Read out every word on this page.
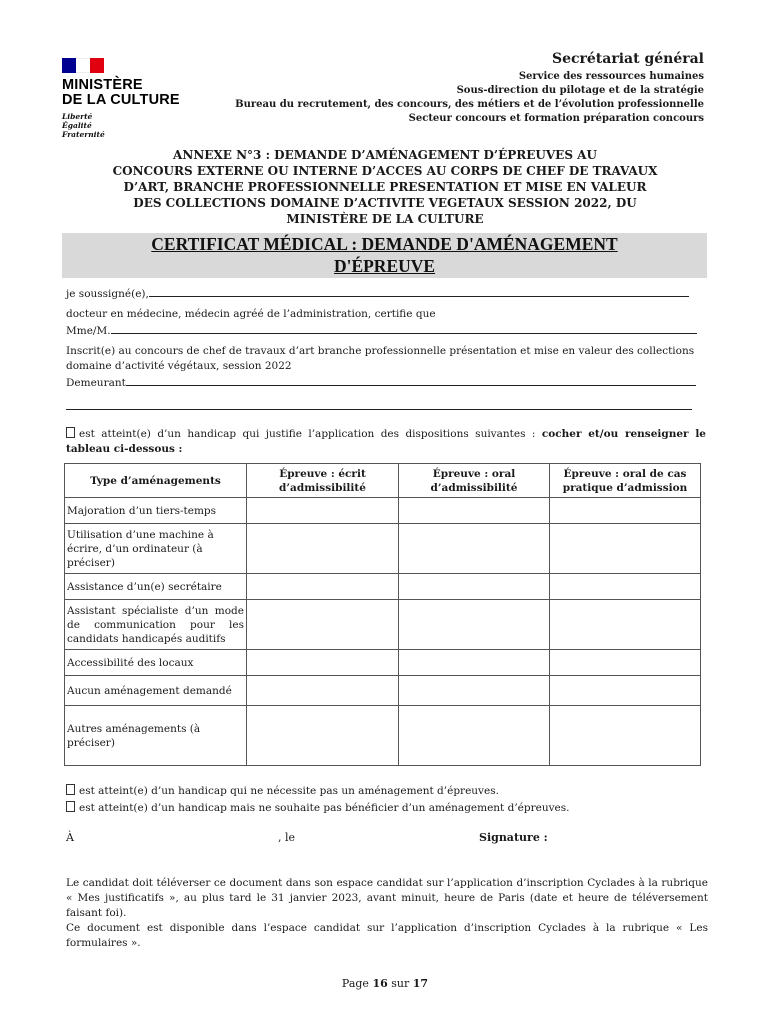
MINISTÈRE
DE LA CULTURE
Liberté
Égalité
Fraternité
Secrétariat général
Service des ressources humaines
Sous-direction du pilotage et de la stratégie
Bureau du recrutement, des concours, des métiers et de l’évolution professionnelle
Secteur concours et formation préparation concours
ANNEXE N°3 : DEMANDE D’AMÉNAGEMENT D’ÉPREUVES AU
CONCOURS EXTERNE OU INTERNE D’ACCES AU CORPS DE CHEF DE TRAVAUX
D’ART, BRANCHE PROFESSIONNELLE PRESENTATION ET MISE EN VALEUR
DES COLLECTIONS DOMAINE D’ACTIVITE VEGETAUX SESSION 2022, DU
MINISTÈRE DE LA CULTURE
CERTIFICAT MÉDICAL : DEMANDE D'AMÉNAGEMENT
D'ÉPREUVE
je soussigné(e),
docteur en médecine, médecin agréé de l’administration, certifie que
Mme/M.
Inscrit(e) au concours de chef de travaux d’art branche professionnelle présentation et mise en valeur des collections domaine d’activité végétaux, session 2022
Demeurant
est atteint(e) d’un handicap qui justifie l’application des dispositions suivantes : cocher et/ou renseigner le tableau ci-dessous :
Type d’aménagements	Épreuve : écrit d’admissibilité	Épreuve : oral d’admissibilité	Épreuve : oral de cas pratique d’admission
Majoration d’un tiers-temps			
Utilisation d’une machine à écrire, d’un ordinateur (à préciser)			
Assistance d’un(e) secrétaire			
Assistant spécialiste d’un mode de communication pour les candidats handicapés auditifs			
Accessibilité des locaux			
Aucun aménagement demandé			
Autres aménagements (à préciser)			
est atteint(e) d’un handicap qui ne nécessite pas un aménagement d’épreuves.
est atteint(e) d’un handicap mais ne souhaite pas bénéficier d’un aménagement d’épreuves.
À	, le	Signature :
Le candidat doit téléverser ce document dans son espace candidat sur l’application d’inscription Cyclades à la rubrique « Mes justificatifs », au plus tard le 31 janvier 2023, avant minuit, heure de Paris (date et heure de téléversement faisant foi).
Ce document est disponible dans l’espace candidat sur l’application d’inscription Cyclades à la rubrique « Les formulaires ».
Page 16 sur 17
